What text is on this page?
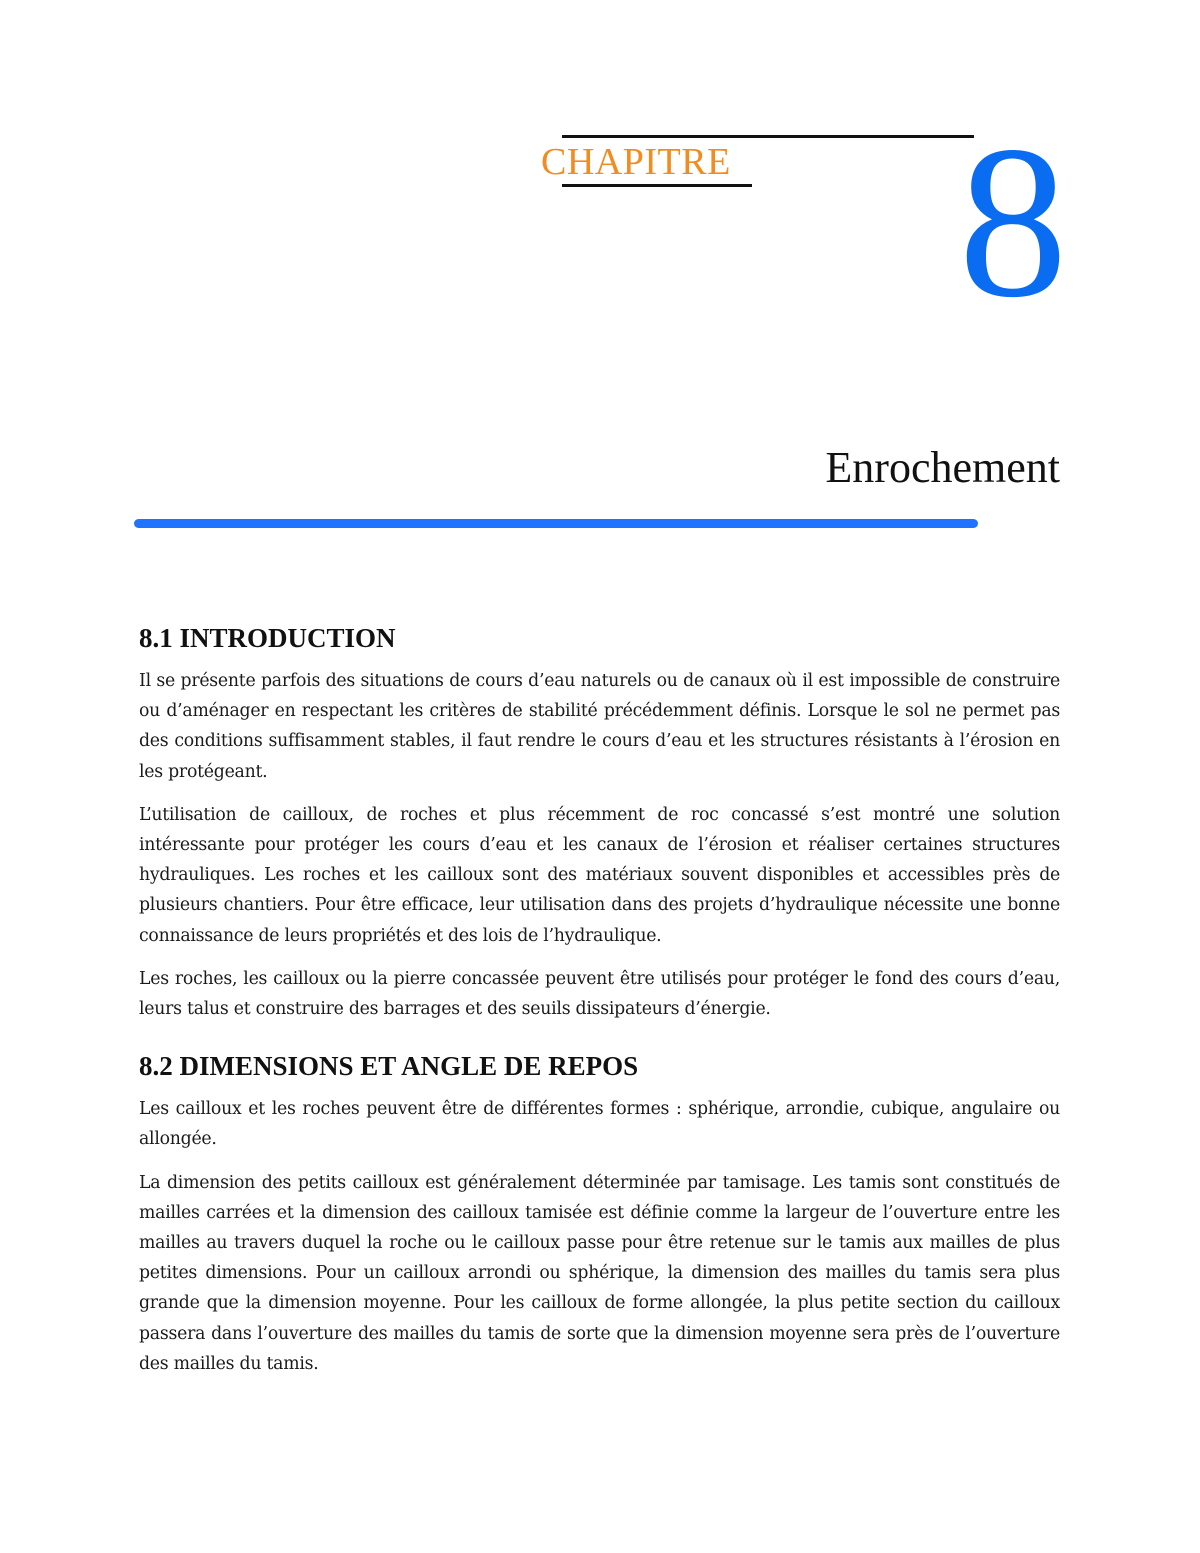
CHAPITRE 8
Enrochement
8.1 INTRODUCTION

Il se présente parfois des situations de cours d’eau naturels ou de canaux où il est impossible de construire ou d’aménager en respectant les critères de stabilité précédemment définis. Lorsque le sol ne permet pas des conditions suffisamment stables, il faut rendre le cours d’eau et les structures résistants à l’érosion en les protégeant.

L’utilisation de cailloux, de roches et plus récemment de roc concassé s’est montré une solution intéressante pour protéger les cours d’eau et les canaux de l’érosion et réaliser certaines structures hydrauliques. Les roches et les cailloux sont des matériaux souvent disponibles et accessibles près de plusieurs chantiers. Pour être efficace, leur utilisation dans des projets d’hydraulique nécessite une bonne connaissance de leurs propriétés et des lois de l’hydraulique.

Les roches, les cailloux ou la pierre concassée peuvent être utilisés pour protéger le fond des cours d’eau, leurs talus et construire des barrages et des seuils dissipateurs d’énergie.

8.2 DIMENSIONS ET ANGLE DE REPOS

Les cailloux et les roches peuvent être de différentes formes : sphérique, arrondie, cubique, angulaire ou allongée.

La dimension des petits cailloux est généralement déterminée par tamisage. Les tamis sont constitués de mailles carrées et la dimension des cailloux tamisée est définie comme la largeur de l’ouverture entre les mailles au travers duquel la roche ou le cailloux passe pour être retenue sur le tamis aux mailles de plus petites dimensions. Pour un cailloux arrondi ou sphérique, la dimension des mailles du tamis sera plus grande que la dimension moyenne. Pour les cailloux de forme allongée, la plus petite section du cailloux passera dans l’ouverture des mailles du tamis de sorte que la dimension moyenne sera près de l’ouverture des mailles du tamis.
